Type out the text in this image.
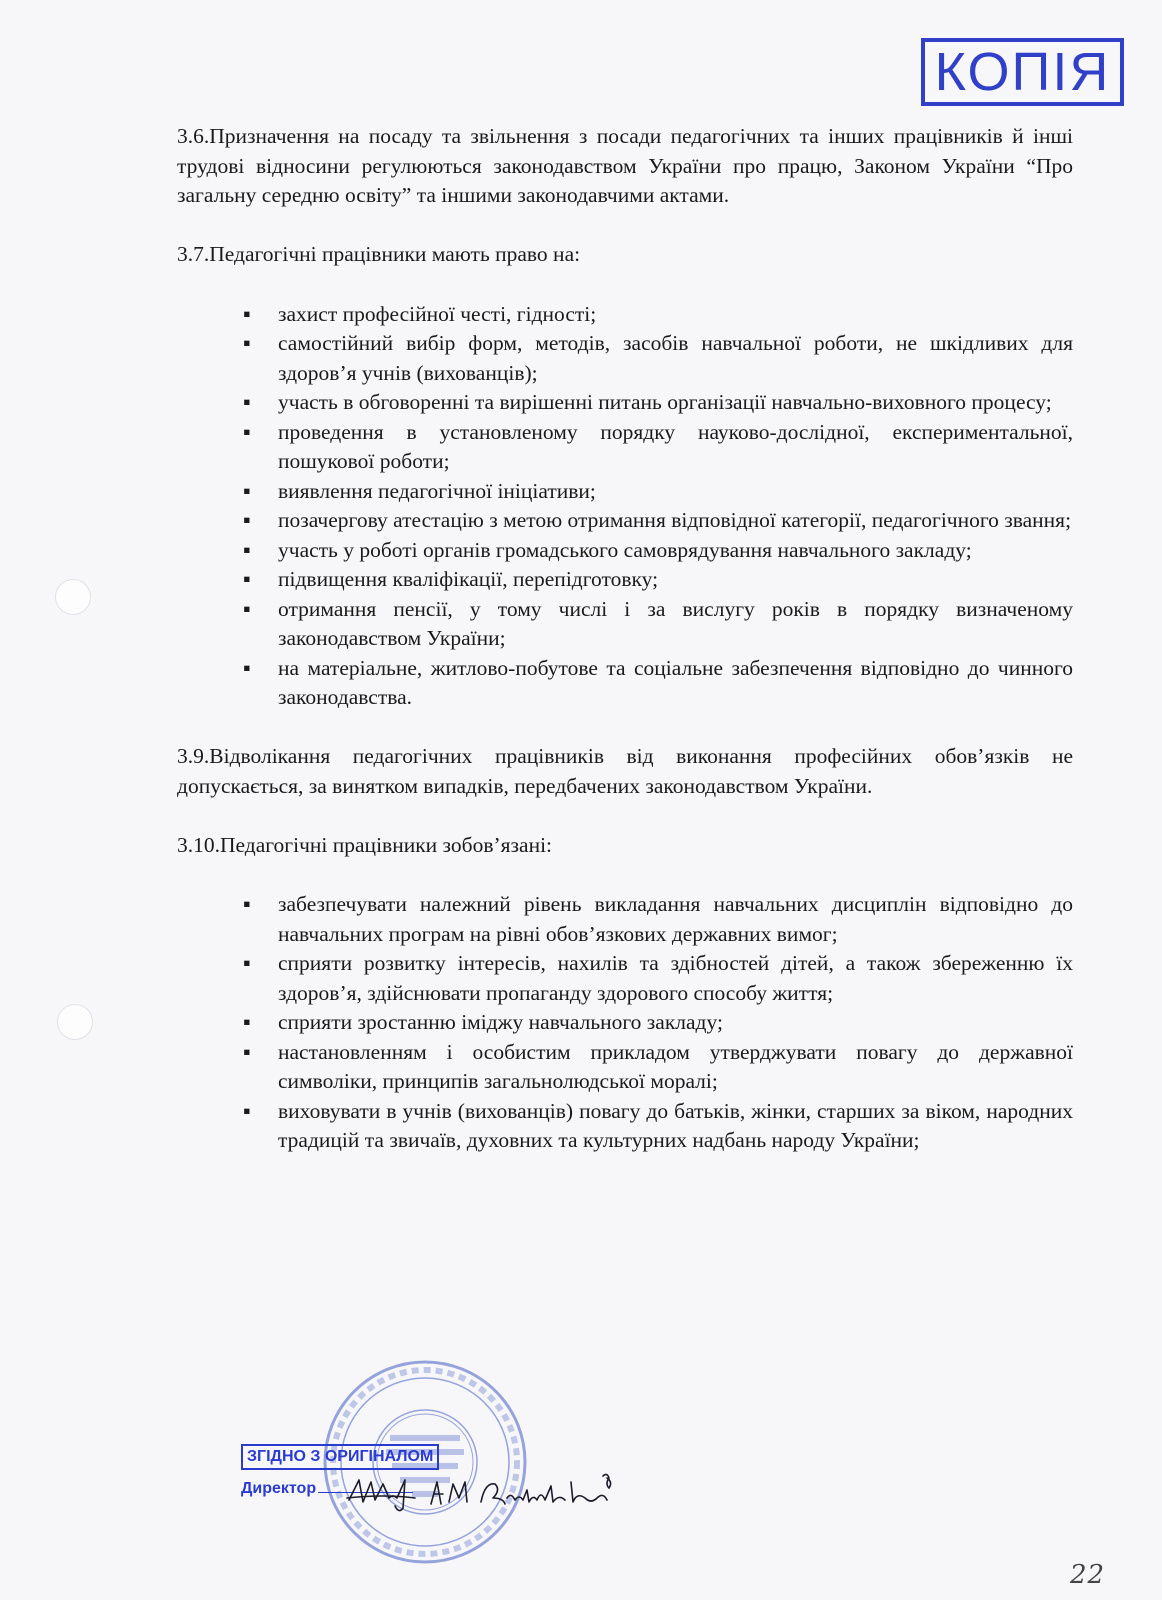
КОПІЯ

3.6.Призначення на посаду та звільнення з посади педагогічних та інших працівників й інші трудові відносини регулюються законодавством України про працю, Законом України “Про загальну середню освіту” та іншими законодавчими актами.

3.7.Педагогічні працівники мають право на:

▪ захист професійної честі, гідності;
▪ самостійний вибір форм, методів, засобів навчальної роботи, не шкідливих для здоров’я учнів (вихованців);
▪ участь в обговоренні та вирішенні питань організації навчально-виховного процесу;
▪ проведення в установленому порядку науково-дослідної, експериментальної, пошукової роботи;
▪ виявлення педагогічної ініціативи;
▪ позачергову атестацію з метою отримання відповідної категорії, педагогічного звання;
▪ участь у роботі органів громадського самоврядування навчального закладу;
▪ підвищення кваліфікації, перепідготовку;
▪ отримання пенсії, у тому числі і за вислугу років в порядку визначеному законодавством України;
▪ на матеріальне, житлово-побутове та соціальне забезпечення відповідно до чинного законодавства.

3.9.Відволікання педагогічних працівників від виконання професійних обов’язків не допускається, за винятком випадків, передбачених законодавством України.

3.10.Педагогічні працівники зобов’язані:

▪ забезпечувати належний рівень викладання навчальних дисциплін відповідно до навчальних програм на рівні обов’язкових державних вимог;
▪ сприяти розвитку інтересів, нахилів та здібностей дітей, а також збереженню їх здоров’я, здійснювати пропаганду здорового способу життя;
▪ сприяти зростанню іміджу навчального закладу;
▪ настановленням і особистим прикладом утверджувати повагу до державної символіки, принципів загальнолюдської моралі;
▪ виховувати в учнів (вихованців) повагу до батьків, жінки, старших за віком, народних традицій та звичаїв, духовних та культурних надбань народу України;
ЗГІДНО З ОРИГІНАЛОМ
Директор
22
